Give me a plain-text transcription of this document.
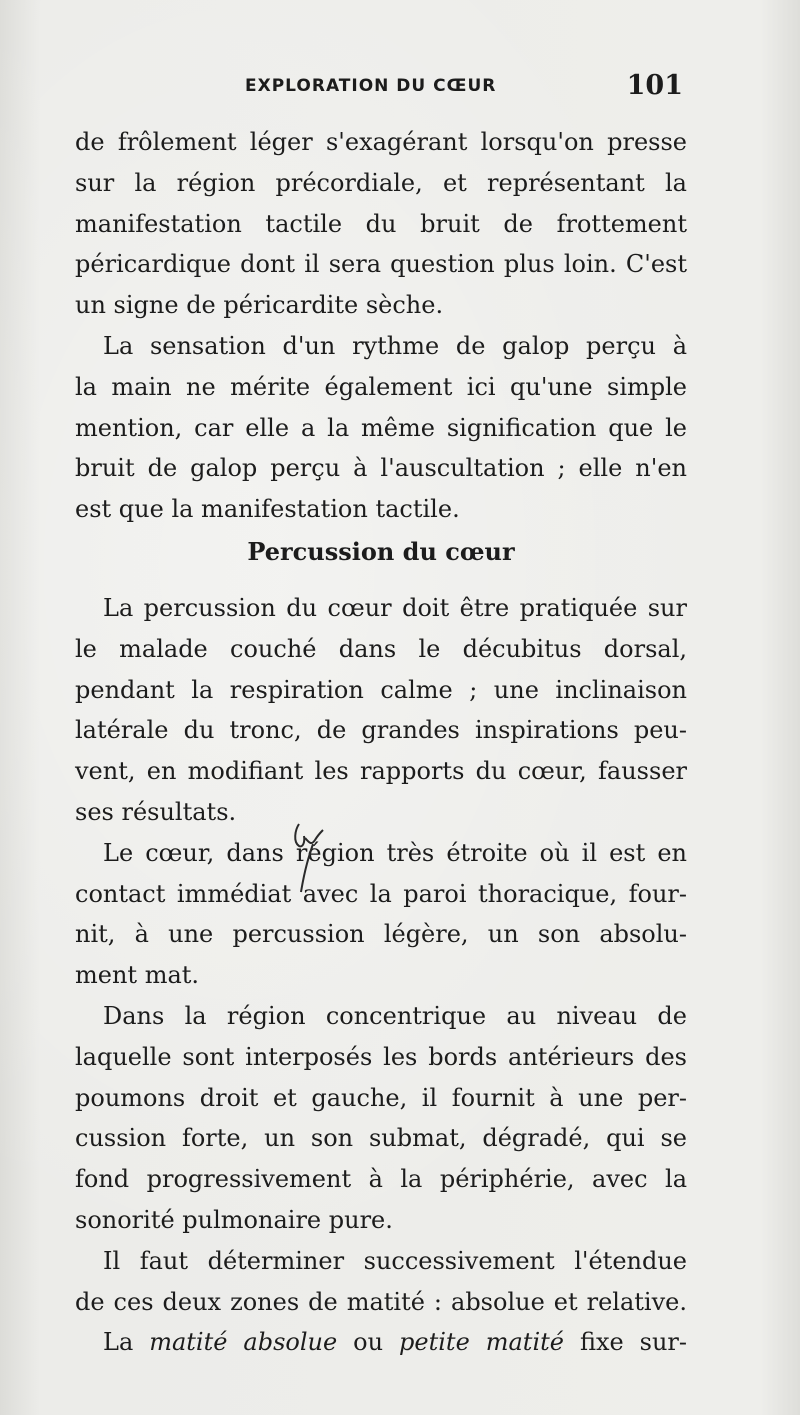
EXPLORATION DU CŒUR	101
de frôlement léger s'exagérant lorsqu'on presse
sur la région précordiale, et représentant la
manifestation tactile du bruit de frottement
péricardique dont il sera question plus loin. C'est
un signe de péricardite sèche.
La sensation d'un rythme de galop perçu à
la main ne mérite également ici qu'une simple
mention, car elle a la même signification que le
bruit de galop perçu à l'auscultation ; elle n'en
est que la manifestation tactile.
Percussion du cœur
La percussion du cœur doit être pratiquée sur
le malade couché dans le décubitus dorsal,
pendant la respiration calme ; une inclinaison
latérale du tronc, de grandes inspirations peu-
vent, en modifiant les rapports du cœur, fausser
ses résultats.
Le cœur, dans région très étroite où il est en
contact immédiat avec la paroi thoracique, four-
nit, à une percussion légère, un son absolu-
ment mat.
Dans la région concentrique au niveau de
laquelle sont interposés les bords antérieurs des
poumons droit et gauche, il fournit à une per-
cussion forte, un son submat, dégradé, qui se
fond progressivement à la périphérie, avec la
sonorité pulmonaire pure.
Il faut déterminer successivement l'étendue
de ces deux zones de matité : absolue et relative.
La matité absolue ou petite matité fixe sur-
